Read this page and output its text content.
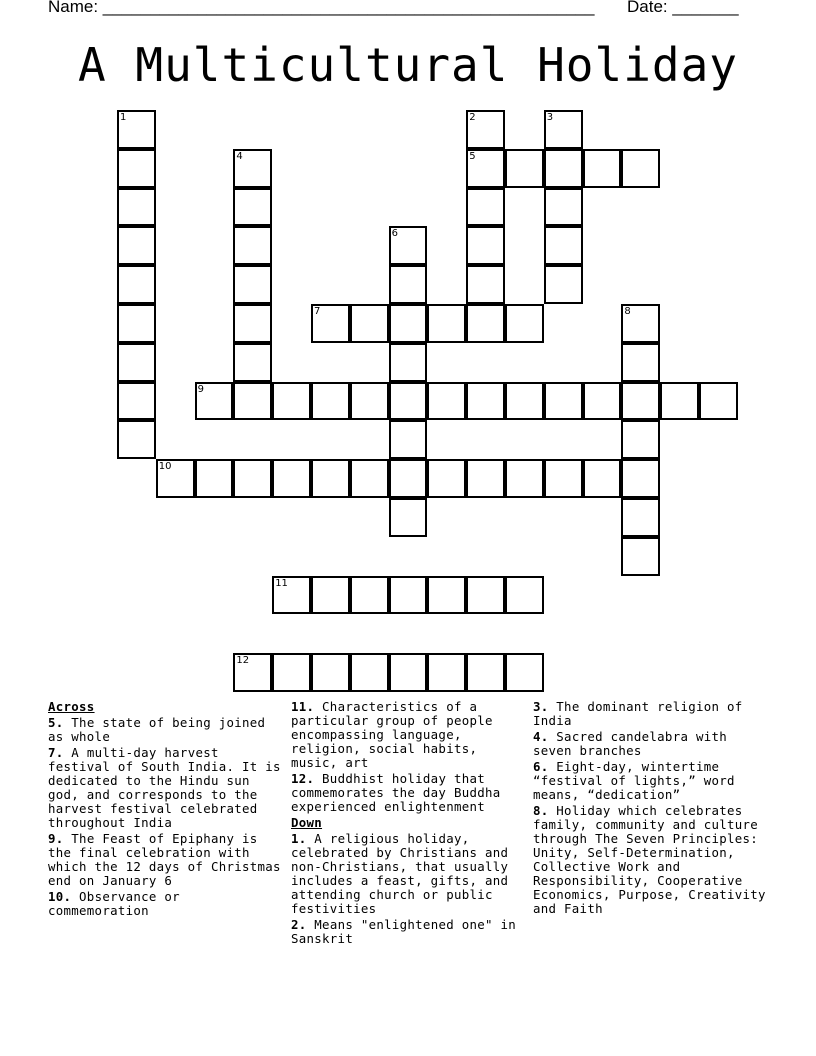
Name: ____________________________________________________ Date: _______
A Multicultural Holiday
1	2
5
3
4
6
7	8
9
10
11
12
Across
5. The state of being joined as whole
7. A multi-day harvest festival of South India. It is dedicated to the Hindu sun god, and corresponds to the harvest festival celebrated throughout India
9. The Feast of Epiphany is the final celebration with which the 12 days of Christmas end on January 6
10. Observance or commemoration
11. Characteristics of a particular group of people encompassing language, religion, social habits, music, art
12. Buddhist holiday that commemorates the day Buddha experienced enlightenment
Down
1. A religious holiday, celebrated by Christians and non-Christians, that usually includes a feast, gifts, and attending church or public festivities
2. Means "enlightened one" in Sanskrit
3. The dominant religion of India
4. Sacred candelabra with seven branches
6. Eight-day, wintertime “festival of lights,” word means, “dedication”
8. Holiday which celebrates family, community and culture through The Seven Principles: Unity, Self-Determination, Collective Work and Responsibility, Cooperative Economics, Purpose, Creativity and Faith
